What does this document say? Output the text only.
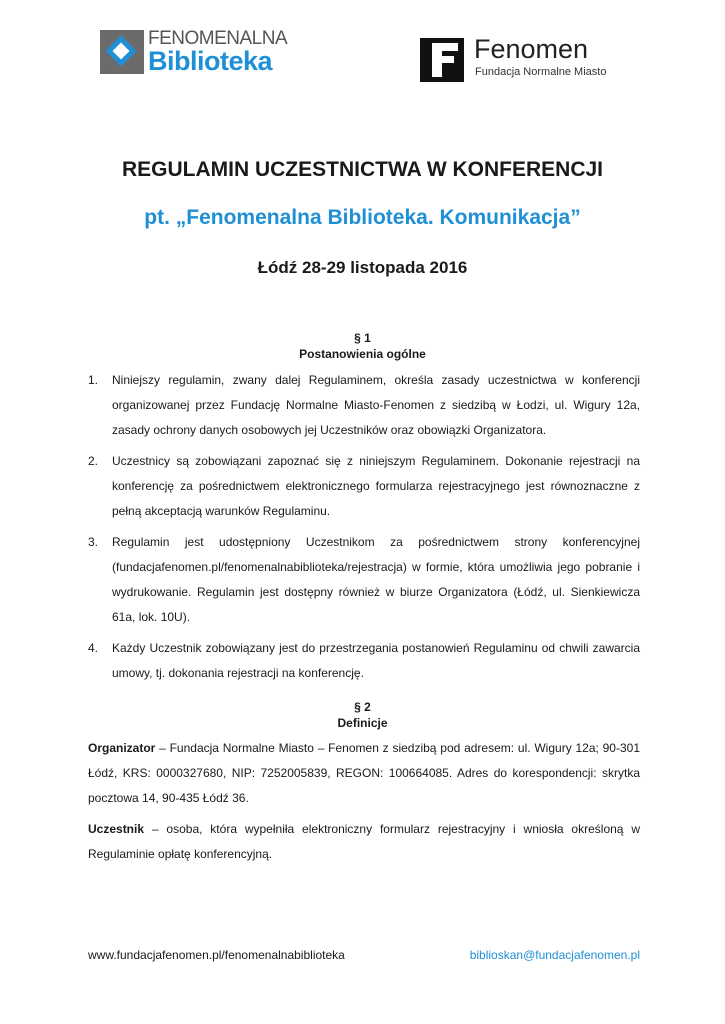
FENOMENALNA
Biblioteka	Fenomen
Fundacja Normalne Miasto
REGULAMIN UCZESTNICTWA W KONFERENCJI
pt. „Fenomenalna Biblioteka. Komunikacja”
Łódź 28-29 listopada 2016
§ 1
Postanowienia ogólne
1.	Niniejszy regulamin, zwany dalej Regulaminem, określa zasady uczestnictwa w konferencji organizowanej przez Fundację Normalne Miasto-Fenomen z siedzibą w Łodzi, ul. Wigury 12a, zasady ochrony danych osobowych jej Uczestników oraz obowiązki Organizatora.
2.	Uczestnicy są zobowiązani zapoznać się z niniejszym Regulaminem. Dokonanie rejestracji na konferencję za pośrednictwem elektronicznego formularza rejestracyjnego jest równoznaczne z pełną akceptacją warunków Regulaminu.
3.	Regulamin jest udostępniony Uczestnikom za pośrednictwem strony konferencyjnej (fundacjafenomen.pl/fenomenalnabiblioteka/rejestracja) w formie, która umożliwia jego pobranie i wydrukowanie. Regulamin jest dostępny również w biurze Organizatora (Łódź, ul. Sienkiewicza 61a, lok. 10U).
4.	Każdy Uczestnik zobowiązany jest do przestrzegania postanowień Regulaminu od chwili zawarcia umowy, tj. dokonania rejestracji na konferencję.
§ 2
Definicje
Organizator – Fundacja Normalne Miasto – Fenomen z siedzibą pod adresem: ul. Wigury 12a; 90-301 Łódź, KRS: 0000327680, NIP: 7252005839, REGON: 100664085. Adres do korespondencji: skrytka pocztowa 14, 90-435 Łódź 36.
Uczestnik – osoba, która wypełniła elektroniczny formularz rejestracyjny i wniosła określoną w Regulaminie opłatę konferencyjną.
www.fundacjafenomen.pl/fenomenalnabiblioteka	biblioskan@fundacjafenomen.pl
